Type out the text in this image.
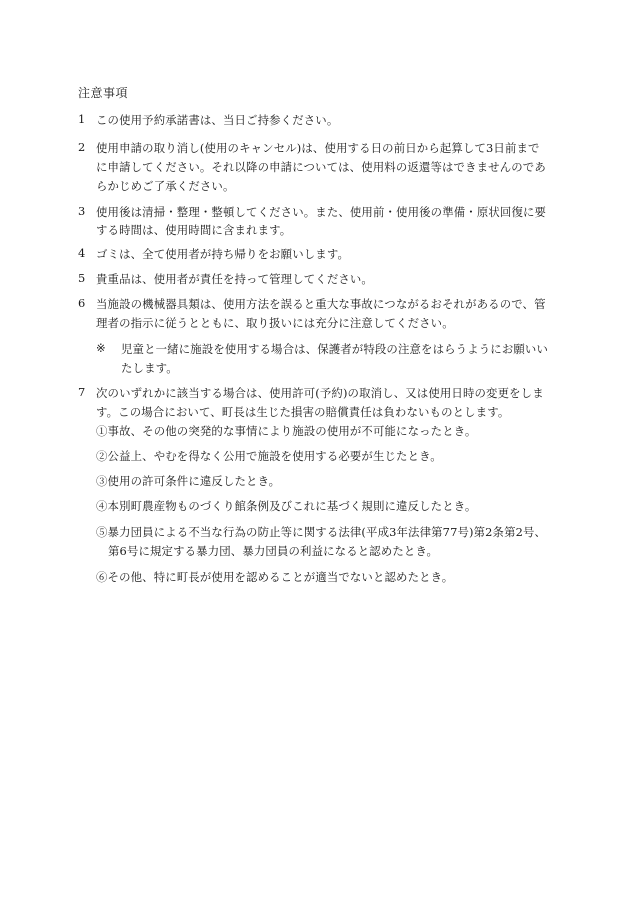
注意事項
1 この使用予約承諾書は、当日ご持参ください。
2 使用申請の取り消し(使用のキャンセル)は、使用する日の前日から起算して3日前まで
に申請してください。それ以降の申請については、使用料の返還等はできませんのであ
らかじめご了承ください。
3 使用後は清掃・整理・整頓してください。また、使用前・使用後の準備・原状回復に要
する時間は、使用時間に含まれます。
4 ゴミは、全て使用者が持ち帰りをお願いします。
5 貴重品は、使用者が責任を持って管理してください。
6 当施設の機械器具類は、使用方法を誤ると重大な事故につながるおそれがあるので、管
理者の指示に従うとともに、取り扱いには充分に注意してください。
※ 児童と一緒に施設を使用する場合は、保護者が特段の注意をはらうようにお願いい
たします。
7 次のいずれかに該当する場合は、使用許可(予約)の取消し、又は使用日時の変更をしま
す。この場合において、町長は生じた損害の賠償責任は負わないものとします。
①事故、その他の突発的な事情により施設の使用が不可能になったとき。
②公益上、やむを得なく公用で施設を使用する必要が生じたとき。
③使用の許可条件に違反したとき。
④本別町農産物ものづくり館条例及びこれに基づく規則に違反したとき。
⑤暴力団員による不当な行為の防止等に関する法律(平成3年法律第77号)第2条第2号、
第6号に規定する暴力団、暴力団員の利益になると認めたとき。
⑥その他、特に町長が使用を認めることが適当でないと認めたとき。
